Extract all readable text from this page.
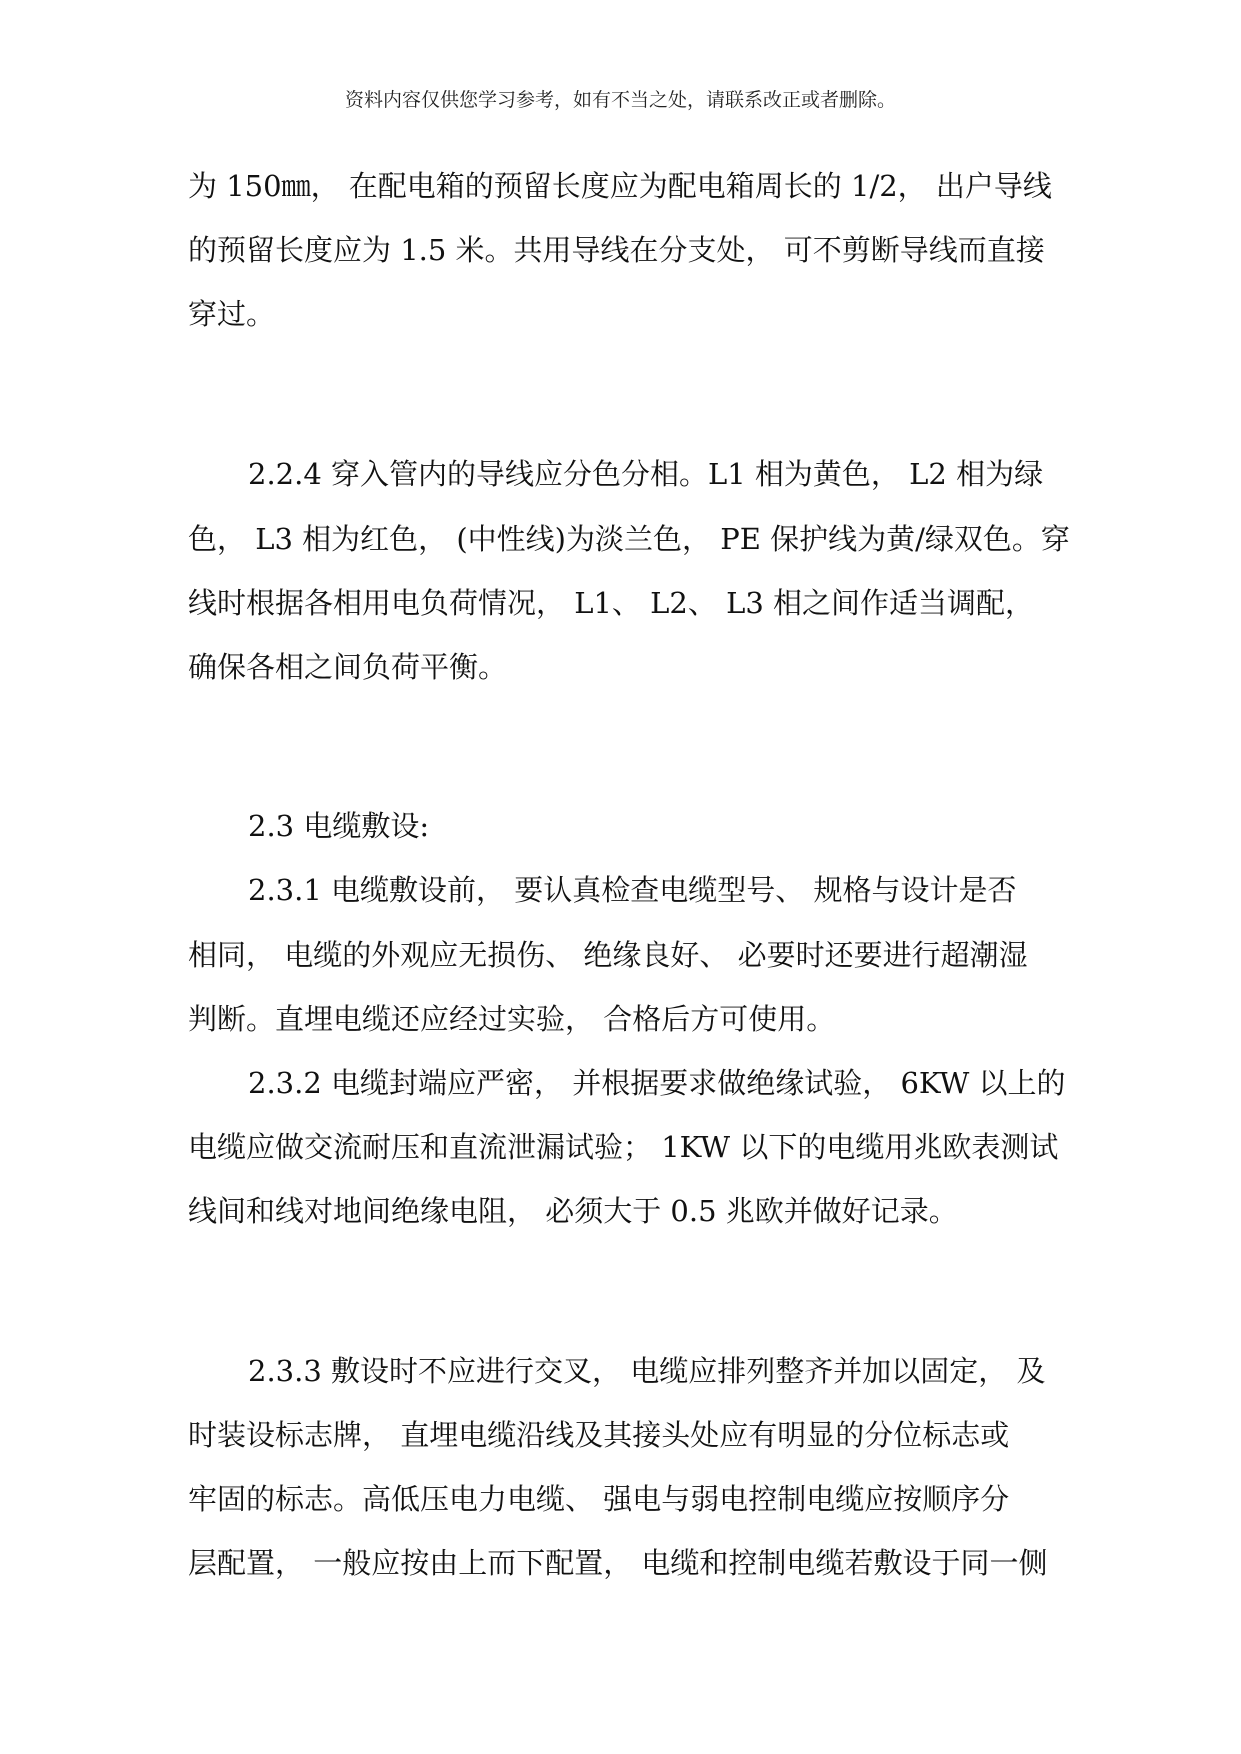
资料内容仅供您学习参考，如有不当之处，请联系改正或者删除。
为 150㎜， 在配电箱的预留长度应为配电箱周长的 1/2， 出户导线
的预留长度应为 1.5 米。共用导线在分支处， 可不剪断导线而直接
穿过。
2.2.4 穿入管内的导线应分色分相。L1 相为黄色， L2 相为绿
色， L3 相为红色， (中性线)为淡兰色， PE 保护线为黄/绿双色。穿
线时根据各相用电负荷情况， L1、 L2、 L3 相之间作适当调配，
确保各相之间负荷平衡。
2.3 电缆敷设:
2.3.1 电缆敷设前， 要认真检查电缆型号、 规格与设计是否
相同， 电缆的外观应无损伤、 绝缘良好、 必要时还要进行超潮湿
判断。直埋电缆还应经过实验， 合格后方可使用。
2.3.2 电缆封端应严密， 并根据要求做绝缘试验， 6KW 以上的
电缆应做交流耐压和直流泄漏试验； 1KW 以下的电缆用兆欧表测试
线间和线对地间绝缘电阻， 必须大于 0.5 兆欧并做好记录。
2.3.3 敷设时不应进行交叉， 电缆应排列整齐并加以固定， 及
时装设标志牌， 直埋电缆沿线及其接头处应有明显的分位标志或
牢固的标志。高低压电力电缆、 强电与弱电控制电缆应按顺序分
层配置， 一般应按由上而下配置， 电缆和控制电缆若敷设于同一侧
